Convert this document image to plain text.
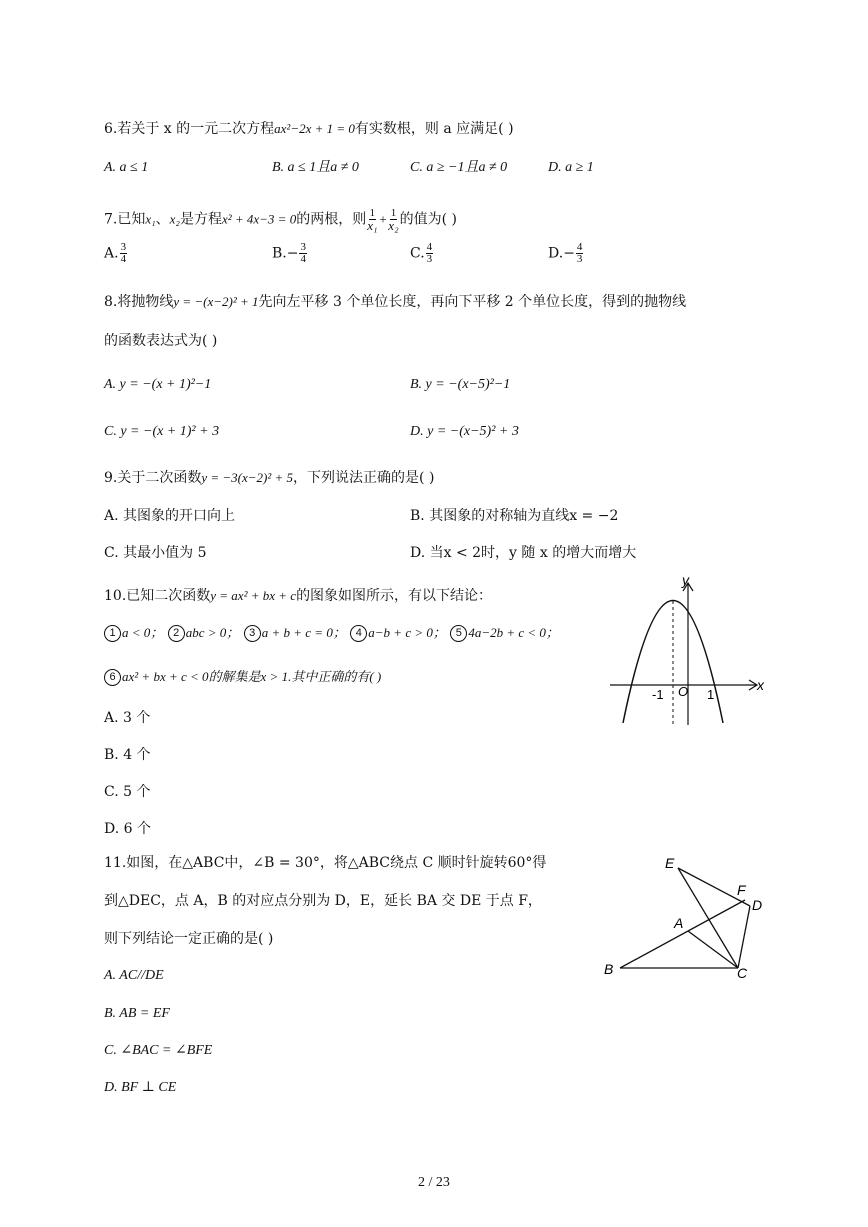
6.若关于 x 的一元二次方程ax²−2x + 1 = 0有实数根，则 a 应满足( )
A. a ≤ 1	B. a ≤ 1且a ≠ 0	C. a ≥ −1且a ≠ 0	D. a ≥ 1
7.已知x₁、x₂是方程x² + 4x−3 = 0的两根，则 $\frac{1}{\text{x₁}} + \frac{1}{\text{x₂}}$ 的值为( )
A. $\frac{3}{4}$	$B.- \frac{3}{4}$	C. $\frac{4}{3}$	$D.- \frac{4}{3}$
8.将抛物线y = −(x−2)² + 1先向左平移 3 个单位长度，再向下平移 2 个单位长度，得到的抛物线
的函数表达式为( )
A. y = −(x + 1)²−1	B. y = −(x−5)²−1
C. y = −(x + 1)² + 3	D. y = −(x−5)² + 3
9.关于二次函数y = −3(x−2)² + 5，下列说法正确的是( )
A. 其图象的开口向上	B. 其图象的对称轴为直线x = −2
C. 其最小值为 5	D. 当x < 2时，y 随 x 的增大而增大
10.已知二次函数y = ax² + bx + c的图象如图所示，有以下结论：
1 a < 0； 2 abc > 0； 3 a + b + c = 0； 4 a−b + c > 0； 5 4a−2b + c < 0；
6 ax² + bx + c < 0的解集是x > 1.其中正确的有( )
A. 3 个
B. 4 个
C. 5 个
D. 6 个
x
y
O
-1	1
11.如图，在△ABC中，∠B = 30°，将△ABC绕点 C 顺时针旋转60°得
到△DEC，点 A，B 的对应点分别为 D，E，延长 BA 交 DE 于点 F，
则下列结论一定正确的是( )
A. AC//DE
B. AB = EF
C. ∠BAC = ∠BFE
D. BF ⊥ CE
E
F
D
A
B	C
2 / 23
